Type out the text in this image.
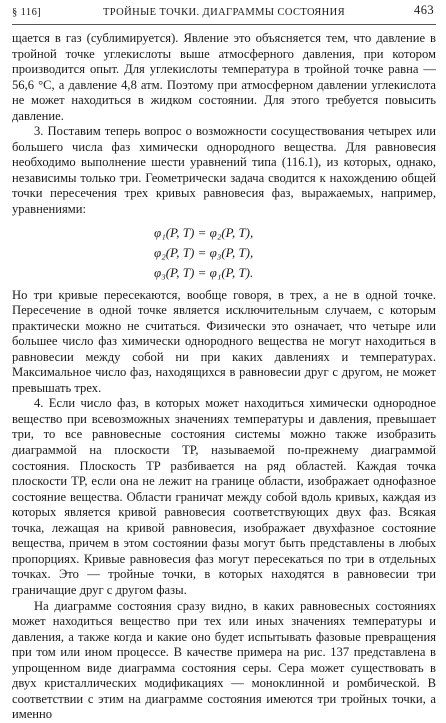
§ 116]	ТРОЙНЫЕ ТОЧКИ. ДИАГРАММЫ СОСТОЯНИЯ	463

щается в газ (сублимируется). Явление это объясняется тем, что давление в тройной точке углекислоты выше атмосферного давления, при котором производится опыт. Для углекислоты температура в тройной точке равна —56,6 °С, а давление 4,8 атм. Поэтому при атмосферном давлении углекислота не может находиться в жидком состоянии. Для этого требуется повысить давление.

3. Поставим теперь вопрос о возможности сосуществования четырех или большего числа фаз химически однородного вещества. Для равновесия необходимо выполнение шести уравнений типа (116.1), из которых, однако, независимы только три. Геометрически задача сводится к нахождению общей точки пересечения трех кривых равновесия фаз, выражаемых, например, уравнениями:

φ₁(P, T) = φ₂(P, T),
φ₂(P, T) = φ₃(P, T),
φ₃(P, T) = φ₁(P, T).

Но три кривые пересекаются, вообще говоря, в трех, а не в одной точке. Пересечение в одной точке является исключительным случаем, с которым практически можно не считаться. Физически это означает, что четыре или большее число фаз химически однородного вещества не могут находиться в равновесии между собой ни при каких давлениях и температурах. Максимальное число фаз, находящихся в равновесии друг с другом, не может превышать трех.

4. Если число фаз, в которых может находиться химически однородное вещество при всевозможных значениях температуры и давления, превышает три, то все равновесные состояния системы можно также изобразить диаграммой на плоскости TP, называемой по-прежнему диаграммой состояния. Плоскость TP разбивается на ряд областей. Каждая точка плоскости TP, если она не лежит на границе области, изображает однофазное состояние вещества. Области граничат между собой вдоль кривых, каждая из которых является кривой равновесия соответствующих двух фаз. Всякая точка, лежащая на кривой равновесия, изображает двухфазное состояние вещества, причем в этом состоянии фазы могут быть представлены в любых пропорциях. Кривые равновесия фаз могут пересекаться по три в отдельных точках. Это — тройные точки, в которых находятся в равновесии три граничащие друг с другом фазы.

На диаграмме состояния сразу видно, в каких равновесных состояниях может находиться вещество при тех или иных значениях температуры и давления, а также когда и какие оно будет испытывать фазовые превращения при том или ином процессе. В качестве примера на рис. 137 представлена в упрощенном виде диаграмма состояния серы. Сера может существовать в двух кристаллических модификациях — моноклинной и ромбической. В соответствии с этим на диаграмме состояния имеются три тройных точки, а именно
